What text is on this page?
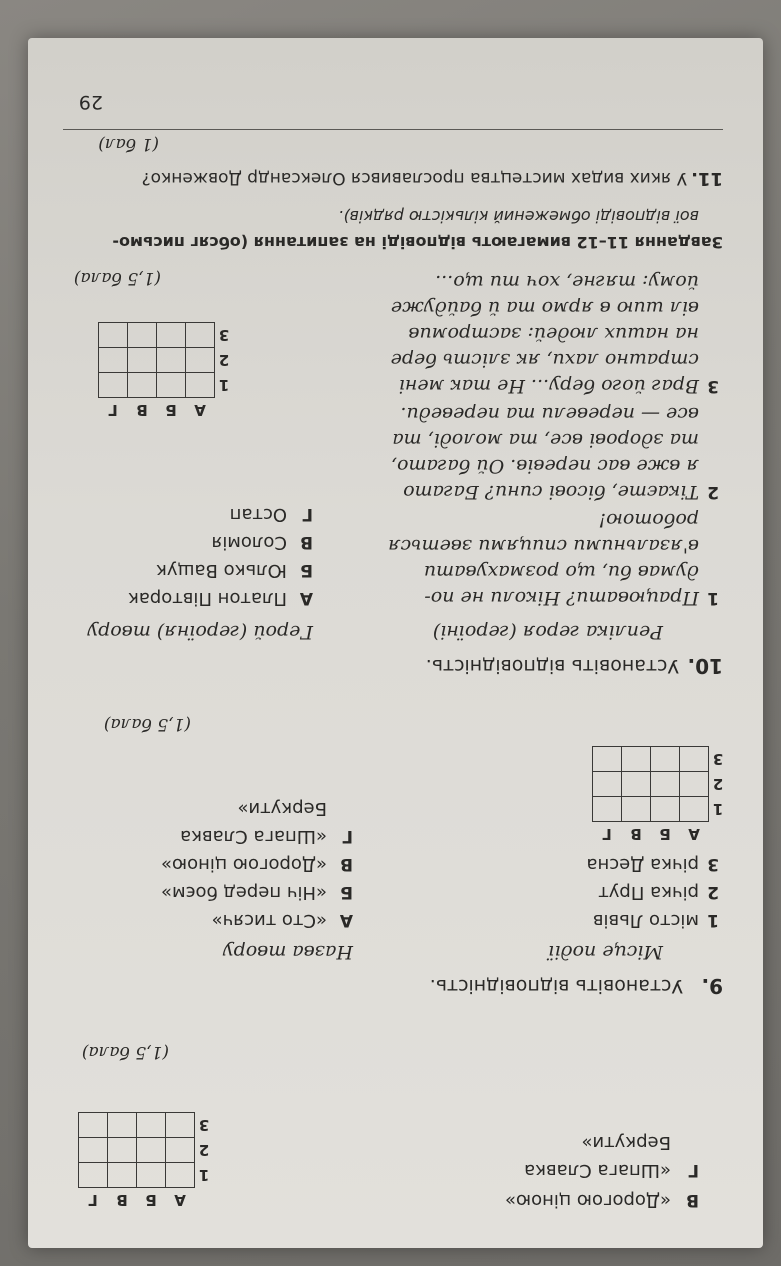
В
«Дорогою ціною»
Г
«Шпага Славка
Беркути»
	А	Б	В	Г
1				
2				
3				
(1,5 бала)
9.
Установіть відповідність.
Місце події
Назва твору
1
місто Львів
2
річка Прут
3
річка Десна
А
«Сто тисяч»
Б
«Ніч перед боєм»
В
«Дорогою ціною»
Г
«Шпага Славка
Беркути»
	А	Б	В	Г
1				
2				
3				
(1,5 бала)
10.
Установіть відповідність.
Репліка героя (героїні)
Герой (героїня) твору
1
Працювати? Ніколи не по-
думав би, що розмахувати
в'язальними спицями зветься
роботою!
2
Тікаєте, бісові сини? Багато
я вже вас перевів. Ой багато,
та здорові все, та молоді, та
все — перевели та переведи.
3
Враг його беру... Не так мені
страшно лахи, як злість бере
на наших людей: застромив
віл шию в ярмо та й байдуже
йому: тягне, хоч ти що...
А
Платон Півторак
Б
Юлько Ващук
В
Соломія
Г
Остап
	А	Б	В	Г
1				
2				
3				
(1,5 бала)
Завдання 11–12 вимагають відповіді на запитання (обсяг письмо-
вої відповіді обмежений кількістю рядків).
11.
У яких видах мистецтва прославився Олександр Довженко?
(1 бал)
29
